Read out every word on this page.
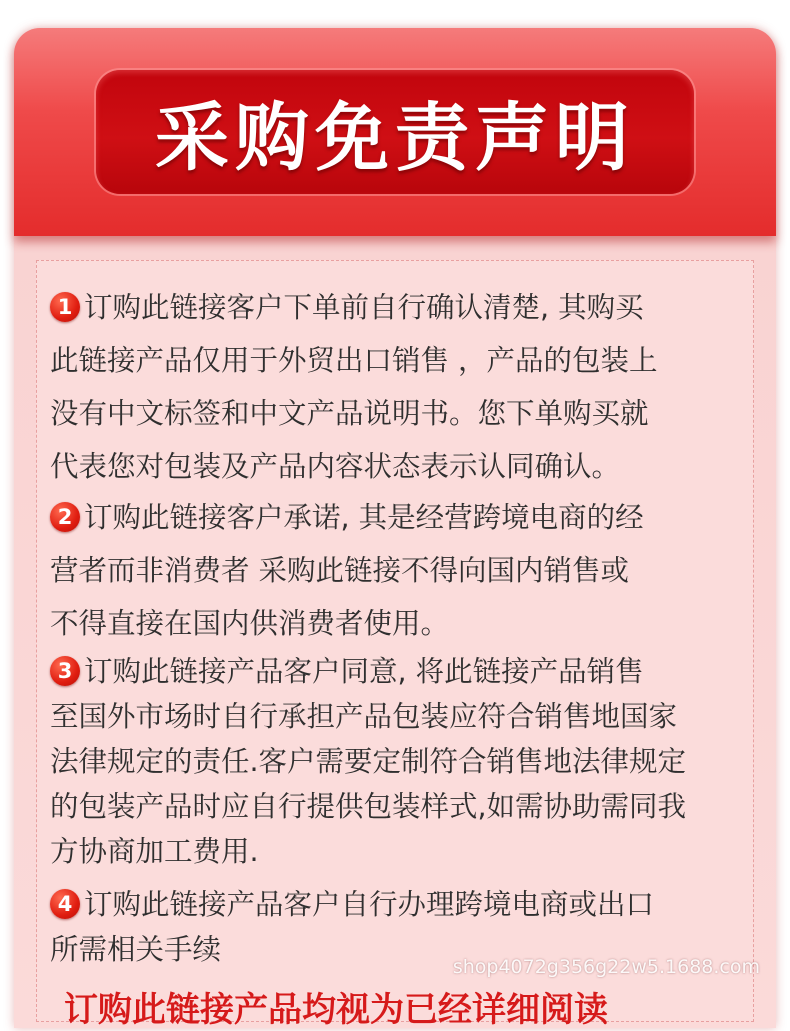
采购免责声明
1 订购此链接客户下单前自行确认清楚, 其购买
此链接产品仅用于外贸出口销售 ，产品的包装上
没有中文标签和中文产品说明书。您下单购买就
代表您对包装及产品内容状态表示认同确认。
2 订购此链接客户承诺, 其是经营跨境电商的经
营者而非消费者 采购此链接不得向国内销售或
不得直接在国内供消费者使用。
3 订购此链接产品客户同意, 将此链接产品销售
至国外市场时自行承担产品包装应符合销售地国家
法律规定的责任.客户需要定制符合销售地法律规定
的包装产品时应自行提供包装样式,如需协助需同我
方协商加工费用.
4 订购此链接产品客户自行办理跨境电商或出口
所需相关手续
shop4072g356g22w5.1688.com
订购此链接产品均视为已经详细阅读
